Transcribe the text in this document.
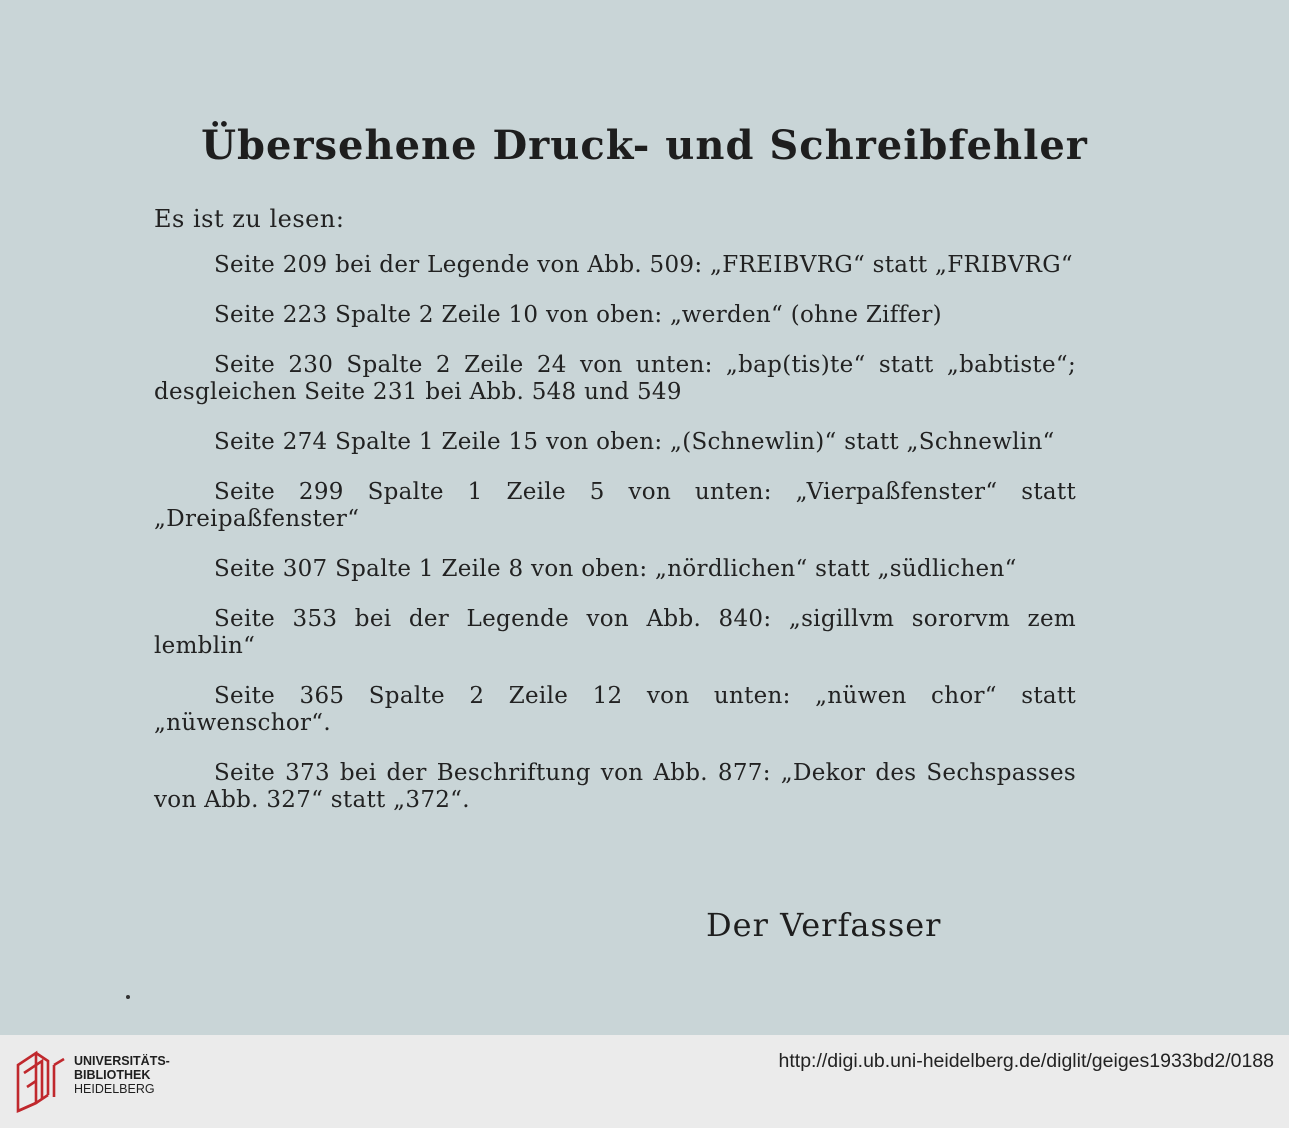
Übersehene Druck- und Schreibfehler

Es ist zu lesen:

Seite 209 bei der Legende von Abb. 509: „FREIBVRG“ statt „FRIBVRG“
Seite 223 Spalte 2 Zeile 10 von oben: „werden“ (ohne Ziffer)
Seite 230 Spalte 2 Zeile 24 von unten: „bap(tis)te“ statt „babtiste“; desgleichen Seite 231 bei Abb. 548 und 549
Seite 274 Spalte 1 Zeile 15 von oben: „(Schnewlin)“ statt „Schnewlin“
Seite 299 Spalte 1 Zeile 5 von unten: „Vierpaßfenster“ statt „Dreipaßfenster“
Seite 307 Spalte 1 Zeile 8 von oben: „nördlichen“ statt „südlichen“
Seite 353 bei der Legende von Abb. 840: „sigillvm sororvm zem lemblin“
Seite 365 Spalte 2 Zeile 12 von unten: „nüwen chor“ statt „nüwenschor“.
Seite 373 bei der Beschriftung von Abb. 877: „Dekor des Sechspasses von Abb. 327“ statt „372“.

Der Verfasser

UNIVERSITÄTS-
BIBLIOTHEK
HEIDELBERG
http://digi.ub.uni-heidelberg.de/diglit/geiges1933bd2/0188
